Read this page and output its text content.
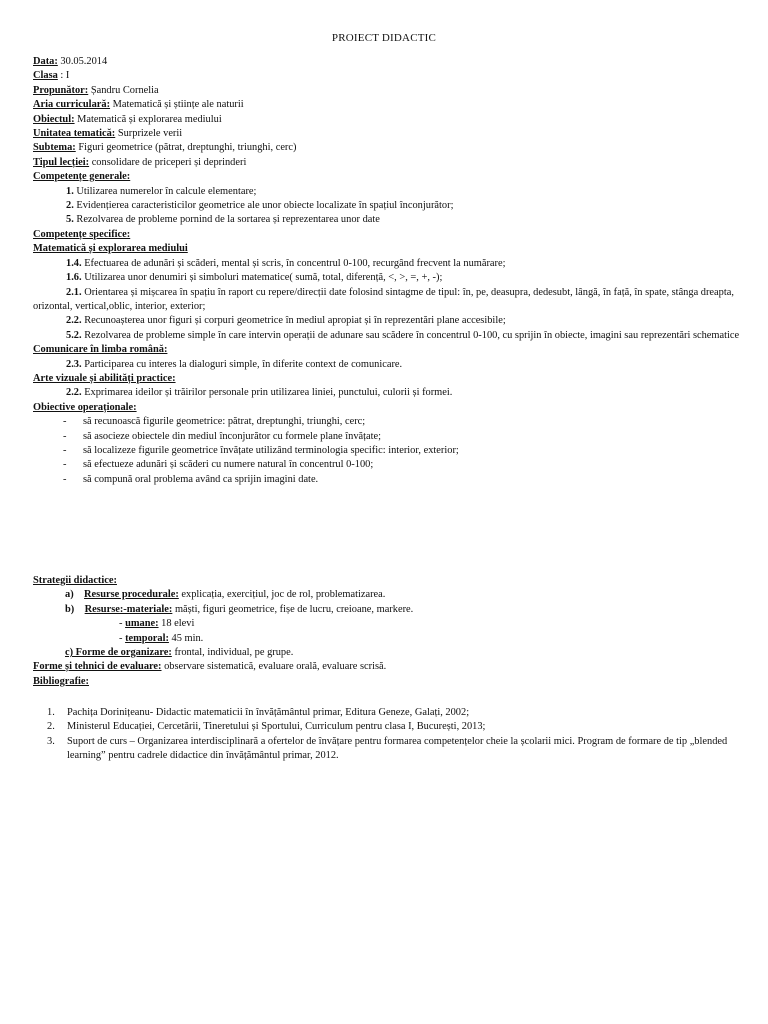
PROIECT DIDACTIC
Data: 30.05.2014
Clasa : I
Propunător: Șandru Cornelia
Aria curriculară: Matematică și științe ale naturii
Obiectul: Matematică și explorarea mediului
Unitatea tematică: Surprizele verii
Subtema: Figuri geometrice (pătrat, dreptunghi, triunghi, cerc)
Tipul lecției: consolidare de priceperi și deprinderi
Competențe generale:
1. Utilizarea numerelor în calcule elementare;
2. Evidențierea caracteristicilor geometrice ale unor obiecte localizate în spațiul înconjurător;
5. Rezolvarea de probleme pornind de la sortarea și reprezentarea unor date
Competențe specifice:
Matematică și explorarea mediului
1.4. Efectuarea de adunări și scăderi, mental și scris, în concentrul 0-100, recurgând frecvent la numărare;
1.6. Utilizarea unor denumiri și simboluri matematice( sumă, total, diferență, <, >, =, +, -);
2.1. Orientarea și mișcarea în spațiu în raport cu repere/direcții date folosind sintagme de tipul: în, pe, deasupra, dedesubt, lângă, în față, în spate, stânga dreapta, orizontal, vertical,oblic, interior, exterior;
2.2. Recunoașterea unor figuri și corpuri geometrice în mediul apropiat și în reprezentări plane accesibile;
5.2. Rezolvarea de probleme simple în care intervin operații de adunare sau scădere în concentrul 0-100, cu sprijin în obiecte, imagini sau reprezentări schematice
Comunicare în limba română:
2.3. Participarea cu interes la dialoguri simple, în diferite context de comunicare.
Arte vizuale și abilități practice:
2.2. Exprimarea ideilor și trăirilor personale prin utilizarea liniei, punctului, culorii și formei.
Obiective operaționale:
-	să recunoască figurile geometrice: pătrat, dreptunghi, triunghi, cerc;
-	să asocieze obiectele din mediul înconjurător cu formele plane învățate;
-	să localizeze figurile geometrice învățate utilizând terminologia specific: interior, exterior;
-	să efectueze adunări și scăderi cu numere natural în concentrul 0-100;
-	să compună oral problema având ca sprijin imagini date.
Strategii didactice:
a) Resurse procedurale: explicația, exercițiul, joc de rol, problematizarea.
b) Resurse:-materiale: măști, figuri geometrice, fișe de lucru, creioane, markere.
- umane: 18 elevi
- temporal: 45 min.
c) Forme de organizare: frontal, individual, pe grupe.
Forme și tehnici de evaluare: observare sistematică, evaluare orală, evaluare scrisă.
Bibliografie:
1.	Pachița Dorinițeanu- Didactic matematicii în învățământul primar, Editura Geneze, Galați, 2002;
2.	Ministerul Educației, Cercetării, Tineretului și Sportului, Curriculum pentru clasa I, București, 2013;
3.	Suport de curs – Organizarea interdisciplinară a ofertelor de învățare pentru formarea competențelor cheie la școlarii mici. Program de formare de tip „blended learning” pentru cadrele didactice din învățământul primar, 2012.
